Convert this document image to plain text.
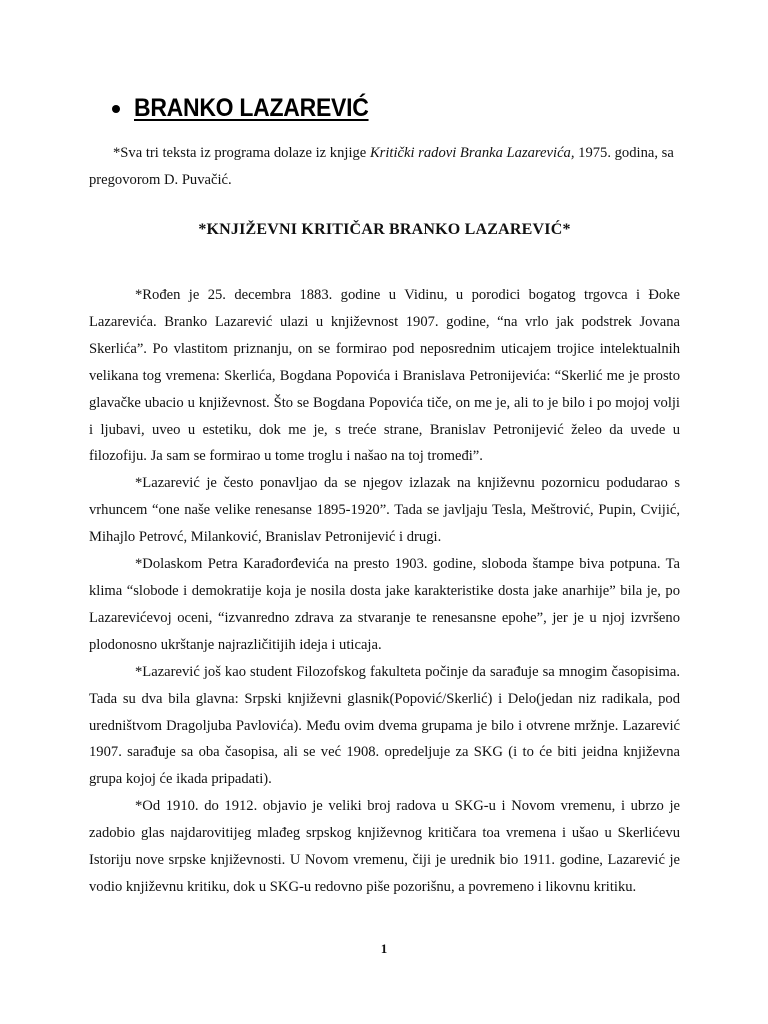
BRANKO LAZAREVIĆ

*Sva tri teksta iz programa dolaze iz knjige Kritički radovi Branka Lazarevića, 1975. godina, sa pregovorom D. Puvačić.

*KNJIŽEVNI KRITIČAR BRANKO LAZAREVIĆ*

*Rođen je 25. decembra 1883. godine u Vidinu, u porodici bogatog trgovca i Đoke Lazarevića. Branko Lazarević ulazi u književnost 1907. godine, “na vrlo jak podstrek Jovana Skerlića”. Po vlastitom priznanju, on se formirao pod neposrednim uticajem trojice intelektualnih velikana tog vremena: Skerlića, Bogdana Popovića i Branislava Petronijevića: “Skerlić me je prosto glavačke ubacio u književnost. Što se Bogdana Popovića tiče, on me je, ali to je bilo i po mojoj volji i ljubavi, uveo u estetiku, dok me je, s treće strane, Branislav Petronijević želeo da uvede u filozofiju. Ja sam se formirao u tome troglu i našao na toj tromeđi”.

*Lazarević je često ponavljao da se njegov izlazak na književnu pozornicu podudarao s vrhuncem “one naše velike renesanse 1895-1920”. Tada se javljaju Tesla, Meštrović, Pupin, Cvijić, Mihajlo Petrovć, Milanković, Branislav Petronijević i drugi.

*Dolaskom Petra Karađorđevića na presto 1903. godine, sloboda štampe biva potpuna. Ta klima “slobode i demokratije koja je nosila dosta jake karakteristike dosta jake anarhije” bila je, po Lazarevićevoj oceni, “izvanredno zdrava za stvaranje te renesansne epohe”, jer je u njoj izvršeno plodonosno ukrštanje najrazličitijih ideja i uticaja.

*Lazarević još kao student Filozofskog fakulteta počinje da sarađuje sa mnogim časopisima. Tada su dva bila glavna: Srpski književni glasnik(Popović/Skerlić) i Delo(jedan niz radikala, pod uredništvom Dragoljuba Pavlovića). Među ovim dvema grupama je bilo i otvrene mržnje. Lazarević 1907. sarađuje sa oba časopisa, ali se već 1908. opredeljuje za SKG (i to će biti jeidna književna grupa kojoj će ikada pripadati).

*Od 1910. do 1912. objavio je veliki broj radova u SKG-u i Novom vremenu, i ubrzo je zadobio glas najdarovitijeg mlađeg srpskog književnog kritičara toa vremena i ušao u Skerlićevu Istoriju nove srpske književnosti. U Novom vremenu, čiji je urednik bio 1911. godine, Lazarević je vodio književnu kritiku, dok u SKG-u redovno piše pozorišnu, a povremeno i likovnu kritiku.

1
